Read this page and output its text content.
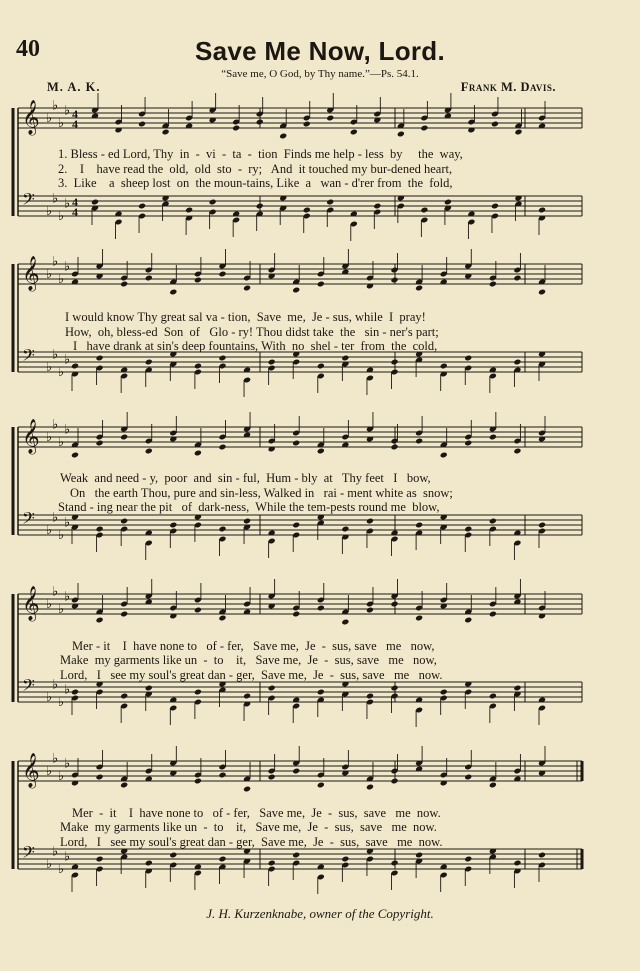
40	Save Me Now, Lord.
“Save me, O God, by Thy name.”—Ps. 54.1.
M. A. K.	Frank M. Davis.
𝄞 ♭
♭
♭
♭ 4
4
𝄢 ♭
♭
♭
♭ 4
4
𝄞 ♭
♭
♭
♭
𝄢 ♭
♭
♭
♭
𝄞 ♭
♭
♭
♭
𝄢 ♭
♭
♭
♭
𝄞 ♭
♭
♭
♭
𝄢 ♭
♭
♭
♭
𝄞 ♭
♭
♭
♭
𝄢 ♭
♭
♭
♭
1. Bless - ed Lord, Thy  in  -  vi  -  ta  -  tion  Finds me help - less  by     the  way,
2.    I    have read the  old,  old  sto  -  ry;   And  it touched my bur-dened heart,
3.  Like    a  sheep lost  on  the moun-tains, Like  a   wan - d'rer from  the  fold,
I would know Thy great sal va - tion,  Save  me,  Je - sus, while  I  pray!
How,  oh, bless-ed  Son  of   Glo - ry! Thou didst take  the   sin - ner's part;
I   have drank at sin's deep fountains, With  no  shel - ter  from  the  cold,
Weak  and need - y,  poor  and  sin - ful,  Hum - bly  at   Thy feet   I   bow,
On   the earth Thou, pure and sin-less, Walked in   rai - ment white as  snow;
Stand - ing near the pit   of  dark-ness,  While the tem-pests round me  blow,
Mer - it    I  have none to   of - fer,   Save me,  Je  -  sus, save   me   now,
Make  my garments like un  -  to    it,   Save me,  Je  -  sus, save   me   now,
Lord,   I   see my soul's great dan - ger,  Save me,  Je  -  sus, save   me   now.
Mer  -  it    I  have none to   of - fer,   Save me,  Je  -  sus,  save   me  now.
Make  my garments like un  -  to    it,   Save me,  Je  -  sus,  save   me  now.
Lord,   I   see my soul's great dan - ger,  Save me,  Je  -  sus,  save   me  now.
J. H. Kurzenknabe, owner of the Copyright.
